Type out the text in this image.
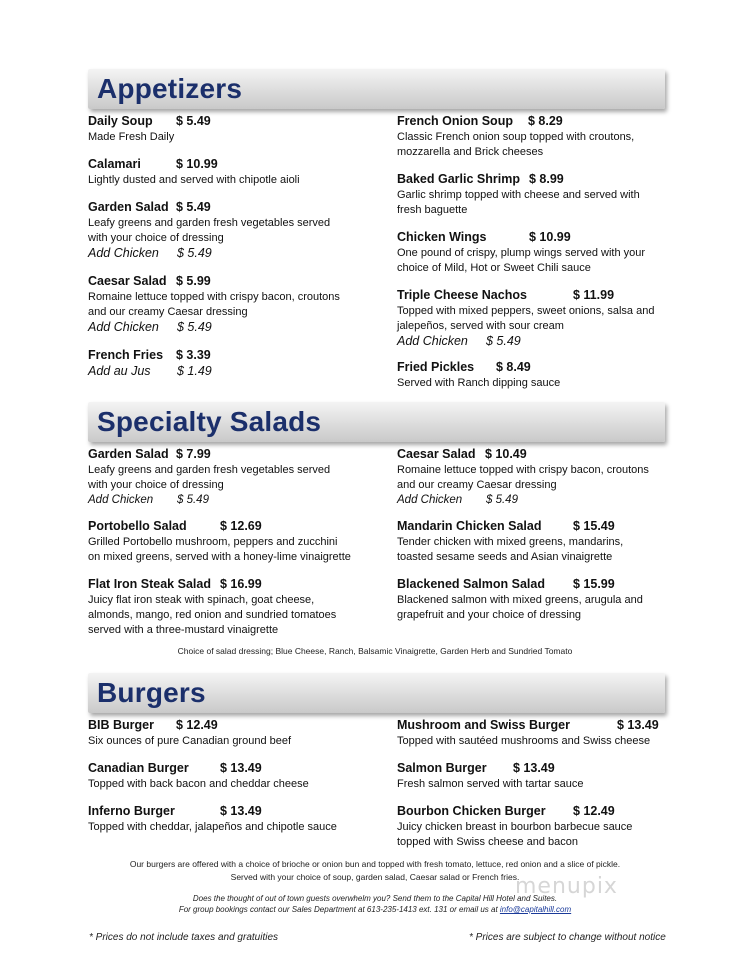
Appetizers
Specialty Salads
Burgers
Daily Soup $ 5.49
Made Fresh Daily
Calamari	$ 10.99
Lightly dusted and served with chipotle aioli
Garden Salad $ 5.49
Leafy greens and garden fresh vegetables served
with your choice of dressing
Add Chicken $ 5.49
Caesar Salad $ 5.99
Romaine lettuce topped with crispy bacon, croutons
and our creamy Caesar dressing
Add Chicken $ 5.49
French Fries $ 3.39
Add au Jus $ 1.49
French Onion Soup $ 8.29
Classic French onion soup topped with croutons,
mozzarella and Brick cheeses
Baked Garlic Shrimp $ 8.99
Garlic shrimp topped with cheese and served with
fresh baguette
Chicken Wings	$ 10.99
One pound of crispy, plump wings served with your
choice of Mild, Hot or Sweet Chili sauce
Triple Cheese Nachos	$ 11.99
Topped with mixed peppers, sweet onions, salsa and
jalepeños, served with sour cream
Add Chicken $ 5.49
Fried Pickles $ 8.49
Served with Ranch dipping sauce
Garden Salad $ 7.99
Leafy greens and garden fresh vegetables served
with your choice of dressing
Add Chicken $ 5.49
Portobello Salad	$ 12.69
Grilled Portobello mushroom, peppers and zucchini
on mixed greens, served with a honey-lime vinaigrette
Flat Iron Steak Salad $ 16.99
Juicy flat iron steak with spinach, goat cheese,
almonds, mango, red onion and sundried tomatoes
served with a three-mustard vinaigrette
Caesar Salad $ 10.49
Romaine lettuce topped with crispy bacon, croutons
and our creamy Caesar dressing
Add Chicken $ 5.49
Mandarin Chicken Salad	$ 15.49
Tender chicken with mixed greens, mandarins,
toasted sesame seeds and Asian vinaigrette
Blackened Salmon Salad $ 15.99
Blackened salmon with mixed greens, arugula and
grapefruit and your choice of dressing
BIB Burger $ 12.49
Six ounces of pure Canadian ground beef
Canadian Burger	$ 13.49
Topped with back bacon and cheddar cheese
Inferno Burger	$ 13.49
Topped with cheddar, jalapeños and chipotle sauce
Mushroom and Swiss Burger	$ 13.49
Topped with sautéed mushrooms and Swiss cheese
Salmon Burger $ 13.49
Fresh salmon served with tartar sauce
Bourbon Chicken Burger $ 12.49
Juicy chicken breast in bourbon barbecue sauce
topped with Swiss cheese and bacon
Choice of salad dressing; Blue Cheese, Ranch, Balsamic Vinaigrette, Garden Herb and Sundried Tomato
Our burgers are offered with a choice of brioche or onion bun and topped with fresh tomato, lettuce, red onion and a slice of pickle.
Served with your choice of soup, garden salad, Caesar salad or French fries.
Does the thought of out of town guests overwhelm you? Send them to the Capital Hill Hotel and Suites.
For group bookings contact our Sales Department at 613-235-1413 ext. 131 or email us at info@capitalhill.com
menupix
* Prices do not include taxes and gratuities	* Prices are subject to change without notice
